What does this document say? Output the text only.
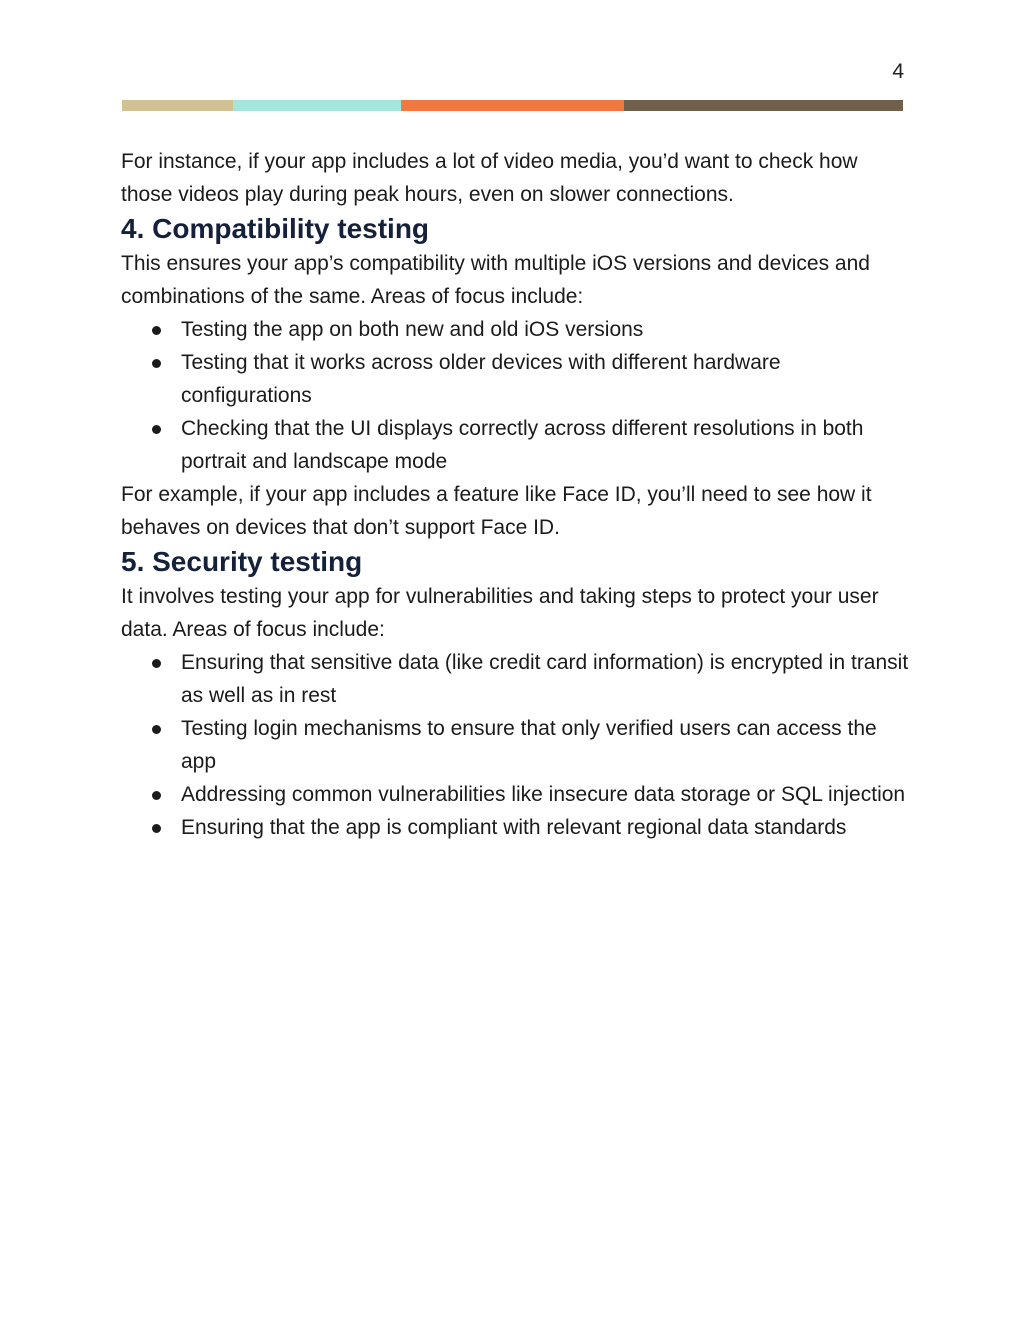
4

For instance, if your app includes a lot of video media, you’d want to check how those videos play during peak hours, even on slower connections.

4. Compatibility testing

This ensures your app’s compatibility with multiple iOS versions and devices and combinations of the same. Areas of focus include:

Testing the app on both new and old iOS versions
Testing that it works across older devices with different hardware configurations
Checking that the UI displays correctly across different resolutions in both portrait and landscape mode

For example, if your app includes a feature like Face ID, you’ll need to see how it behaves on devices that don’t support Face ID.

5. Security testing

It involves testing your app for vulnerabilities and taking steps to protect your user data. Areas of focus include:

Ensuring that sensitive data (like credit card information) is encrypted in transit as well as in rest
Testing login mechanisms to ensure that only verified users can access the app
Addressing common vulnerabilities like insecure data storage or SQL injection
Ensuring that the app is compliant with relevant regional data standards
